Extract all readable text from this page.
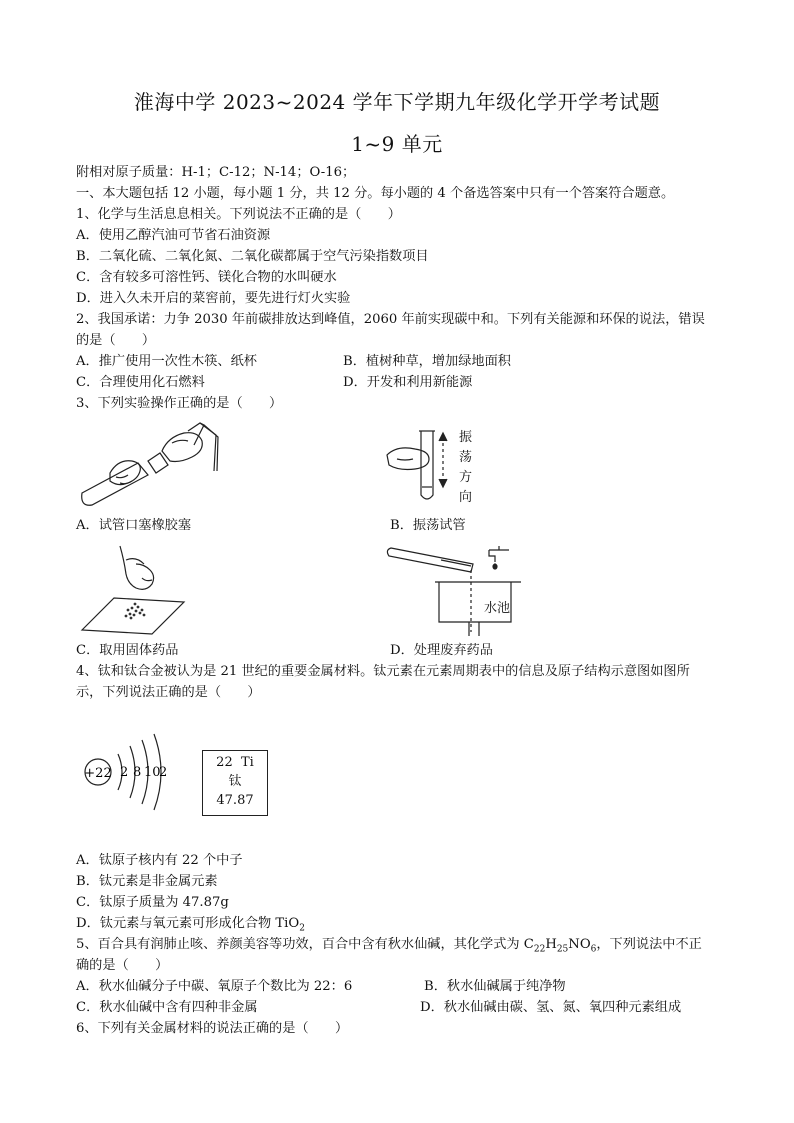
淮海中学 2023~2024 学年下学期九年级化学开学考试题
1~9 单元
附相对原子质量：H-1；C-12；N-14；O-16；
一、本大题包括 12 小题，每小题 1 分，共 12 分。每小题的 4 个备选答案中只有一个答案符合题意。
1、化学与生活息息相关。下列说法不正确的是（　　）
A．使用乙醇汽油可节省石油资源
B．二氧化硫、二氧化氮、二氧化碳都属于空气污染指数项目
C．含有较多可溶性钙、镁化合物的水叫硬水
D．进入久未开启的菜窖前，要先进行灯火实验
2、我国承诺：力争 2030 年前碳排放达到峰值，2060 年前实现碳中和。下列有关能源和环保的说法，错误
的是（　　）
A．推广使用一次性木筷、纸杯	B．植树种草，增加绿地面积
C．合理使用化石燃料	D．开发和利用新能源
3、下列实验操作正确的是（　　）
振
荡
方
向
A．试管口塞橡胶塞	B．振荡试管
水池
C．取用固体药品	D．处理废弃药品
4、钛和钛合金被认为是 21 世纪的重要金属材料。钛元素在元素周期表中的信息及原子结构示意图如图所
示，下列说法正确的是（　　）
+22 2 8 10
2
22  Ti
钛
47.87
A．钛原子核内有 22 个中子
B．钛元素是非金属元素
C．钛原子质量为 47.87g
D．钛元素与氧元素可形成化合物 TiO$_2$
5、百合具有润肺止咳、养颜美容等功效，百合中含有秋水仙碱，其化学式为 $C_{22}H_{25}NO_6$，下列说法中不正
确的是（　　）
A．秋水仙碱分子中碳、氧原子个数比为 22：6	B．秋水仙碱属于纯净物
C．秋水仙碱中含有四种非金属	D．秋水仙碱由碳、氢、氮、氧四种元素组成
6、下列有关金属材料的说法正确的是（　　）
